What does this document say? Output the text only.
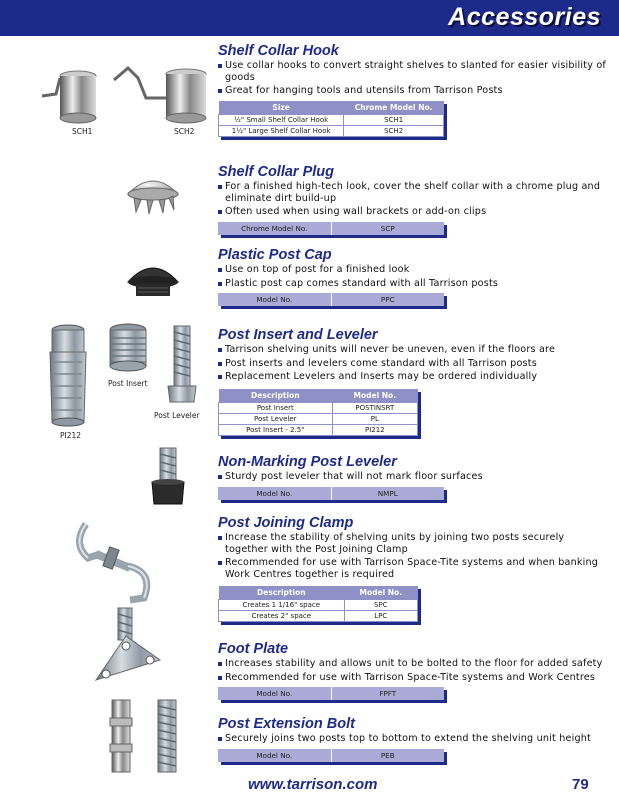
Accessories
SCH1	SCH2
Post Insert
Post Leveler
PI212
Shelf Collar Hook
Use collar hooks to convert straight shelves to slanted for easier visibility of goods
Great for hanging tools and utensils from Tarrison Posts
Size	Chrome Model No.
½" Small Shelf Collar Hook	SCH1
1½" Large Shelf Collar Hook	SCH2
Shelf Collar Plug
For a finished high-tech look, cover the shelf collar with a chrome plug and eliminate dirt build-up
Often used when using wall brackets or add-on clips
Chrome Model No.	SCP
Plastic Post Cap
Use on top of post for a finished look
Plastic post cap comes standard with all Tarrison posts
Model No.	PPC
Post Insert and Leveler
Tarrison shelving units will never be uneven, even if the floors are
Post inserts and levelers come standard with all Tarrison posts
Replacement Levelers and Inserts may be ordered individually
Description	Model No.
Post Insert	POSTINSRT
Post Leveler	PL
Post Insert - 2.5"	PI212
Non-Marking Post Leveler
Sturdy post leveler that will not mark floor surfaces
Model No.	NMPL
Post Joining Clamp
Increase the stability of shelving units by joining two posts securely together with the Post Joining Clamp
Recommended for use with Tarrison Space-Tite systems and when banking Work Centres together is required
Description	Model No.
Creates 1 1/16" space	SPC
Creates 2" space	LPC
Foot Plate
Increases stability and allows unit to be bolted to the floor for added safety
Recommended for use with Tarrison Space-Tite systems and Work Centres
Model No.	FPFT
Post Extension Bolt
Securely joins two posts top to bottom to extend the shelving unit height
Model No.	PEB
www.tarrison.com	79
